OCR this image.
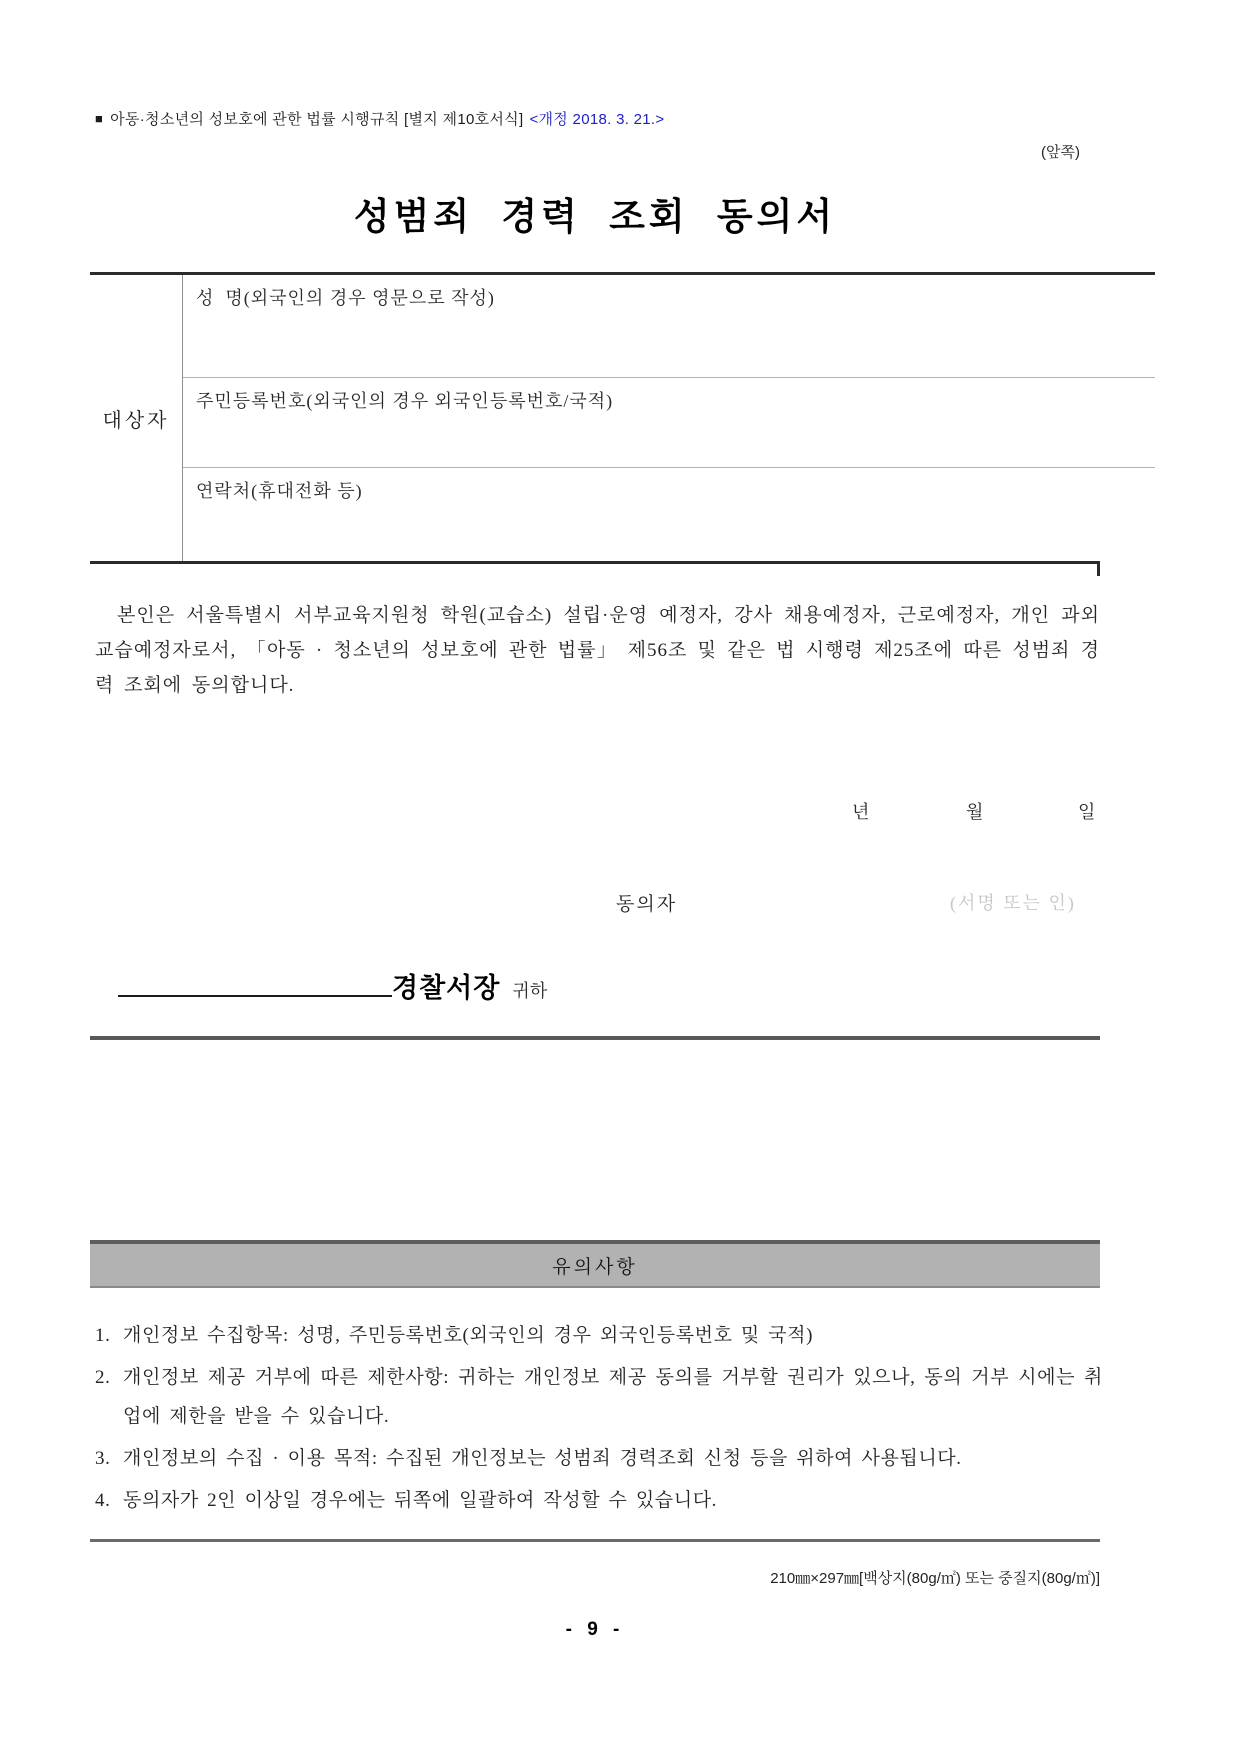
■ 아동·청소년의 성보호에 관한 법률 시행규칙 [별지 제10호서식] <개정 2018. 3. 21.>
(앞쪽)
성범죄 경력 조회 동의서
대상자
성  명(외국인의 경우 영문으로 작성)
주민등록번호(외국인의 경우 외국인등록번호/국적)
연락처(휴대전화 등)
본인은 서울특별시 서부교육지원청 학원(교습소) 설립·운영 예정자, 강사 채용예정자, 근로예정자, 개인 과외교습예정자로서, 「아동 · 청소년의 성보호에 관한 법률」 제56조 및 같은 법 시행령 제25조에 따른 성범죄 경력 조회에 동의합니다.
년	월	일
동의자	(서명 또는 인)
경찰서장 귀하
유의사항
1. 개인정보 수집항목: 성명, 주민등록번호(외국인의 경우 외국인등록번호 및 국적)
2. 개인정보 제공 거부에 따른 제한사항: 귀하는 개인정보 제공 동의를 거부할 권리가 있으나, 동의 거부 시에는 취업에 제한을 받을 수 있습니다.
3. 개인정보의 수집 · 이용 목적: 수집된 개인정보는 성범죄 경력조회 신청 등을 위하여 사용됩니다.
4. 동의자가 2인 이상일 경우에는 뒤쪽에 일괄하여 작성할 수 있습니다.
210㎜×297㎜[백상지(80g/㎡) 또는 중질지(80g/㎡)]
- 9 -
